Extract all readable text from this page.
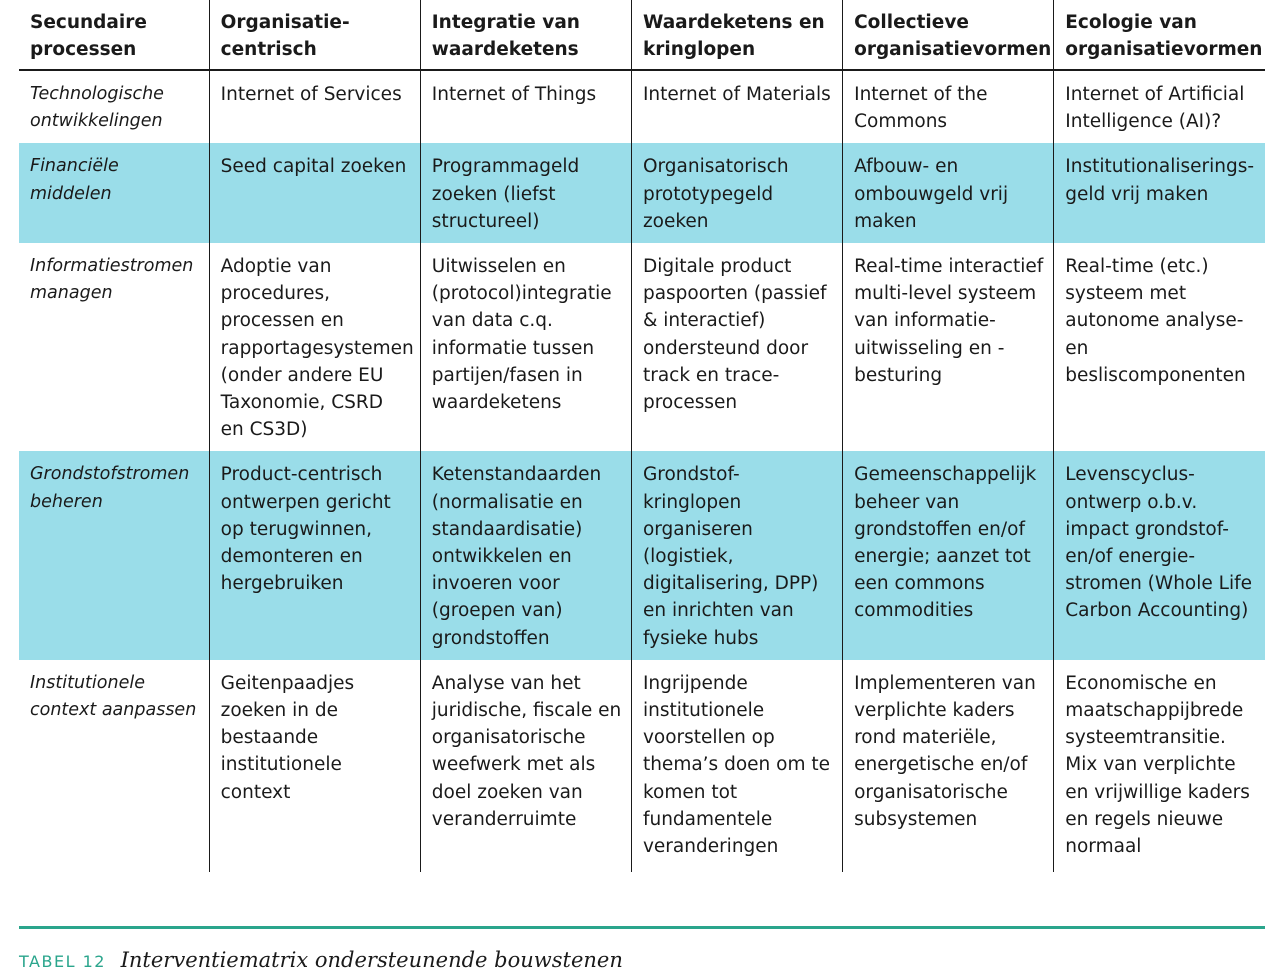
Secundaire processen	Organisatie-centrisch	Integratie van waardeketens	Waardeketens en kringlopen	Collectieve organisatievormen	Ecologie van organisatievormen
Technologische ontwikkelingen	Internet of Services	Internet of Things	Internet of Materials	Internet of the Commons	Internet of Artificial Intelligence (AI)?
Financiële middelen	Seed capital zoeken	Programmageld zoeken (liefst structureel)	Organisatorisch prototypegeld zoeken	Afbouw- en ombouwgeld vrij maken	Institutionaliserings-geld vrij maken
Informatiestromen managen	Adoptie van procedures, processen en rapportagesystemen (onder andere EU Taxonomie, CSRD en CS3D)	Uitwisselen en (protocol)integratie van data c.q. informatie tussen partijen/fasen in waardeketens	Digitale product paspoorten (passief & interactief) ondersteund door track en trace-processen	Real-time interactief multi-level systeem van informatie-uitwisseling en -besturing	Real-time (etc.) systeem met autonome analyse- en besliscomponenten
Grondstofstromen beheren	Product-centrisch ontwerpen gericht op terugwinnen, demonteren en hergebruiken	Ketenstandaarden (normalisatie en standaardisatie) ontwikkelen en invoeren voor (groepen van) grondstoffen	Grondstof-kringlopen organiseren (logistiek, digitalisering, DPP) en inrichten van fysieke hubs	Gemeenschappelijk beheer van grondstoffen en/of energie; aanzet tot een commons commodities	Levenscyclus-ontwerp o.b.v. impact grondstof-en/of energie-stromen (Whole Life Carbon Accounting)
Institutionele context aanpassen	Geitenpaadjes zoeken in de bestaande institutionele context	Analyse van het juridische, fiscale en organisatorische weefwerk met als doel zoeken van veranderruimte	Ingrijpende institutionele voorstellen op thema’s doen om te komen tot fundamentele veranderingen	Implementeren van verplichte kaders rond materiële, energetische en/of organisatorische subsystemen	Economische en maatschappijbrede systeemtransitie. Mix van verplichte en vrijwillige kaders en regels nieuwe normaal
TABEL 12 Interventiematrix ondersteunende bouwstenen
